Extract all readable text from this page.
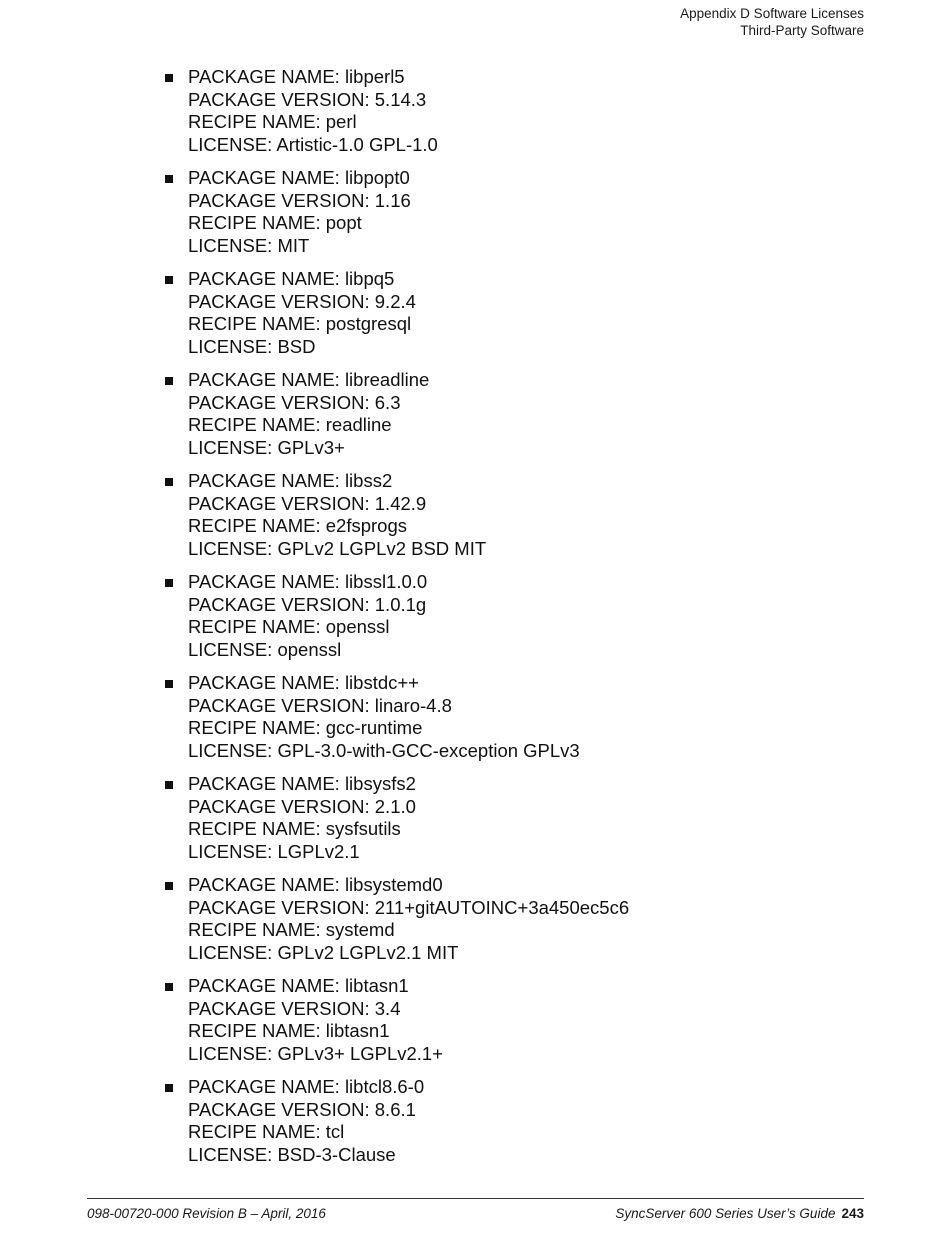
Appendix D Software Licenses
Third-Party Software
PACKAGE NAME: libperl5
PACKAGE VERSION: 5.14.3
RECIPE NAME: perl
LICENSE: Artistic-1.0 GPL-1.0
PACKAGE NAME: libpopt0
PACKAGE VERSION: 1.16
RECIPE NAME: popt
LICENSE: MIT
PACKAGE NAME: libpq5
PACKAGE VERSION: 9.2.4
RECIPE NAME: postgresql
LICENSE: BSD
PACKAGE NAME: libreadline
PACKAGE VERSION: 6.3
RECIPE NAME: readline
LICENSE: GPLv3+
PACKAGE NAME: libss2
PACKAGE VERSION: 1.42.9
RECIPE NAME: e2fsprogs
LICENSE: GPLv2 LGPLv2 BSD MIT
PACKAGE NAME: libssl1.0.0
PACKAGE VERSION: 1.0.1g
RECIPE NAME: openssl
LICENSE: openssl
PACKAGE NAME: libstdc++
PACKAGE VERSION: linaro-4.8
RECIPE NAME: gcc-runtime
LICENSE: GPL-3.0-with-GCC-exception GPLv3
PACKAGE NAME: libsysfs2
PACKAGE VERSION: 2.1.0
RECIPE NAME: sysfsutils
LICENSE: LGPLv2.1
PACKAGE NAME: libsystemd0
PACKAGE VERSION: 211+gitAUTOINC+3a450ec5c6
RECIPE NAME: systemd
LICENSE: GPLv2 LGPLv2.1 MIT
PACKAGE NAME: libtasn1
PACKAGE VERSION: 3.4
RECIPE NAME: libtasn1
LICENSE: GPLv3+ LGPLv2.1+
PACKAGE NAME: libtcl8.6-0
PACKAGE VERSION: 8.6.1
RECIPE NAME: tcl
LICENSE: BSD-3-Clause
098-00720-000 Revision B – April, 2016	SyncServer 600 Series User’s Guide 243
